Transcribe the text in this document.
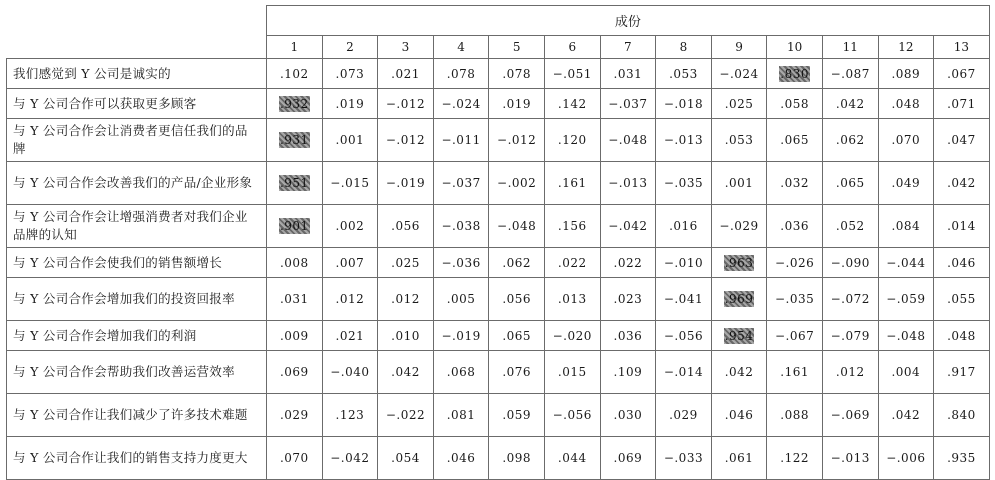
	成份												
	1	2	3	4	5	6	7	8	9	10	11	12	13
我们感觉到 Y 公司是诚实的	.102	.073	.021	.078	.078	−.051	.031	.053	−.024	.830	−.087	.089	.067
与 Y 公司合作可以获取更多顾客	.932	.019	−.012	−.024	.019	.142	−.037	−.018	.025	.058	.042	.048	.071
与 Y 公司合作会让消费者更信任我们的品牌	.931	.001	−.012	−.011	−.012	.120	−.048	−.013	.053	.065	.062	.070	.047
与 Y 公司合作会改善我们的产品/企业形象	.951	−.015	−.019	−.037	−.002	.161	−.013	−.035	.001	.032	.065	.049	.042
与 Y 公司合作会让增强消费者对我们企业品牌的认知	.901	.002	.056	−.038	−.048	.156	−.042	.016	−.029	.036	.052	.084	.014
与 Y 公司合作会使我们的销售额增长	.008	.007	.025	−.036	.062	.022	.022	−.010	.963	−.026	−.090	−.044	.046
与 Y 公司合作会增加我们的投资回报率	.031	.012	.012	.005	.056	.013	.023	−.041	.969	−.035	−.072	−.059	.055
与 Y 公司合作会增加我们的利润	.009	.021	.010	−.019	.065	−.020	.036	−.056	.954	−.067	−.079	−.048	.048
与 Y 公司合作会帮助我们改善运营效率	.069	−.040	.042	.068	.076	.015	.109	−.014	.042	.161	.012	.004	.917
与 Y 公司合作让我们减少了许多技术难题	.029	.123	−.022	.081	.059	−.056	.030	.029	.046	.088	−.069	.042	.840
与 Y 公司合作让我们的销售支持力度更大	.070	−.042	.054	.046	.098	.044	.069	−.033	.061	.122	−.013	−.006	.935
